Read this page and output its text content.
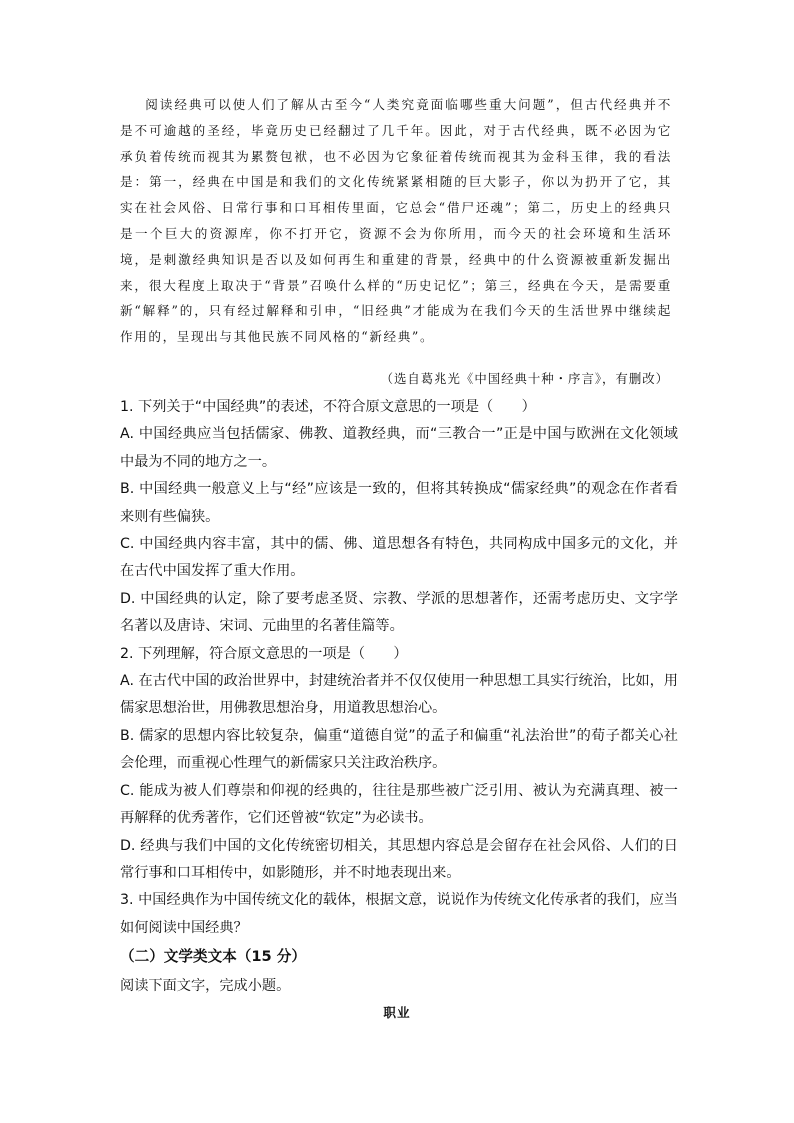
阅读经典可以使人们了解从古至今“人类究竟面临哪些重大问题”，但古代经典并不是不可逾越的圣经，毕竟历史已经翻过了几千年。因此，对于古代经典，既不必因为它承负着传统而视其为累赘包袱，也不必因为它象征着传统而视其为金科玉律，我的看法是：第一，经典在中国是和我们的文化传统紧紧相随的巨大影子，你以为扔开了它，其实在社会风俗、日常行事和口耳相传里面，它总会“借尸还魂”；第二，历史上的经典只是一个巨大的资源库，你不打开它，资源不会为你所用，而今天的社会环境和生活环境，是刺激经典知识是否以及如何再生和重建的背景，经典中的什么资源被重新发掘出来，很大程度上取决于“背景”召唤什么样的“历史记忆”；第三，经典在今天，是需要重新“解释”的，只有经过解释和引申，“旧经典”才能成为在我们今天的生活世界中继续起作用的，呈现出与其他民族不同风格的“新经典”。

（选自葛兆光《中国经典十种・序言》，有删改）

1. 下列关于“中国经典”的表述，不符合原文意思的一项是（　　）

A. 中国经典应当包括儒家、佛教、道教经典，而“三教合一”正是中国与欧洲在文化领域中最为不同的地方之一。

B. 中国经典一般意义上与“经”应该是一致的，但将其转换成“儒家经典”的观念在作者看来则有些偏狭。

C. 中国经典内容丰富，其中的儒、佛、道思想各有特色，共同构成中国多元的文化，并在古代中国发挥了重大作用。

D. 中国经典的认定，除了要考虑圣贤、宗教、学派的思想著作，还需考虑历史、文字学名著以及唐诗、宋词、元曲里的名著佳篇等。

2. 下列理解，符合原文意思的一项是（　　）

A. 在古代中国的政治世界中，封建统治者并不仅仅使用一种思想工具实行统治，比如，用儒家思想治世，用佛教思想治身，用道教思想治心。

B. 儒家的思想内容比较复杂，偏重“道德自觉”的孟子和偏重“礼法治世”的荀子都关心社会伦理，而重视心性理气的新儒家只关注政治秩序。

C. 能成为被人们尊崇和仰视的经典的，往往是那些被广泛引用、被认为充满真理、被一再解释的优秀著作，它们还曾被“钦定”为必读书。

D. 经典与我们中国的文化传统密切相关，其思想内容总是会留存在社会风俗、人们的日常行事和口耳相传中，如影随形，并不时地表现出来。

3. 中国经典作为中国传统文化的载体，根据文意，说说作为传统文化传承者的我们，应当如何阅读中国经典？

（二）文学类文本（15 分）

阅读下面文字，完成小题。

职业
